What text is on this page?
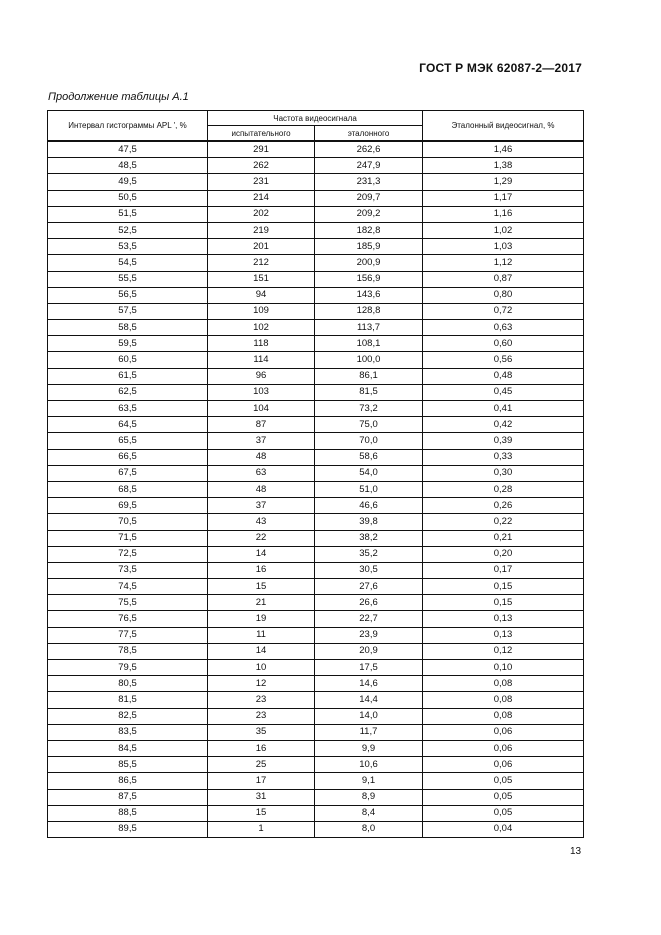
ГОСТ Р МЭК 62087-2—2017
Продолжение таблицы А.1
Интервал гистограммы APL ', %	Частота видеосигнала		Эталонный видеосигнал, %
	испытательного	эталонного	
47,5	291	262,6	1,46
48,5	262	247,9	1,38
49,5	231	231,3	1,29
50,5	214	209,7	1,17
51,5	202	209,2	1,16
52,5	219	182,8	1,02
53,5	201	185,9	1,03
54,5	212	200,9	1,12
55,5	151	156,9	0,87
56,5	94	143,6	0,80
57,5	109	128,8	0,72
58,5	102	113,7	0,63
59,5	118	108,1	0,60
60,5	114	100,0	0,56
61,5	96	86,1	0,48
62,5	103	81,5	0,45
63,5	104	73,2	0,41
64,5	87	75,0	0,42
65,5	37	70,0	0,39
66,5	48	58,6	0,33
67,5	63	54,0	0,30
68,5	48	51,0	0,28
69,5	37	46,6	0,26
70,5	43	39,8	0,22
71,5	22	38,2	0,21
72,5	14	35,2	0,20
73,5	16	30,5	0,17
74,5	15	27,6	0,15
75,5	21	26,6	0,15
76,5	19	22,7	0,13
77,5	11	23,9	0,13
78,5	14	20,9	0,12
79,5	10	17,5	0,10
80,5	12	14,6	0,08
81,5	23	14,4	0,08
82,5	23	14,0	0,08
83,5	35	11,7	0,06
84,5	16	9,9	0,06
85,5	25	10,6	0,06
86,5	17	9,1	0,05
87,5	31	8,9	0,05
88,5	15	8,4	0,05
89,5	1	8,0	0,04
13
